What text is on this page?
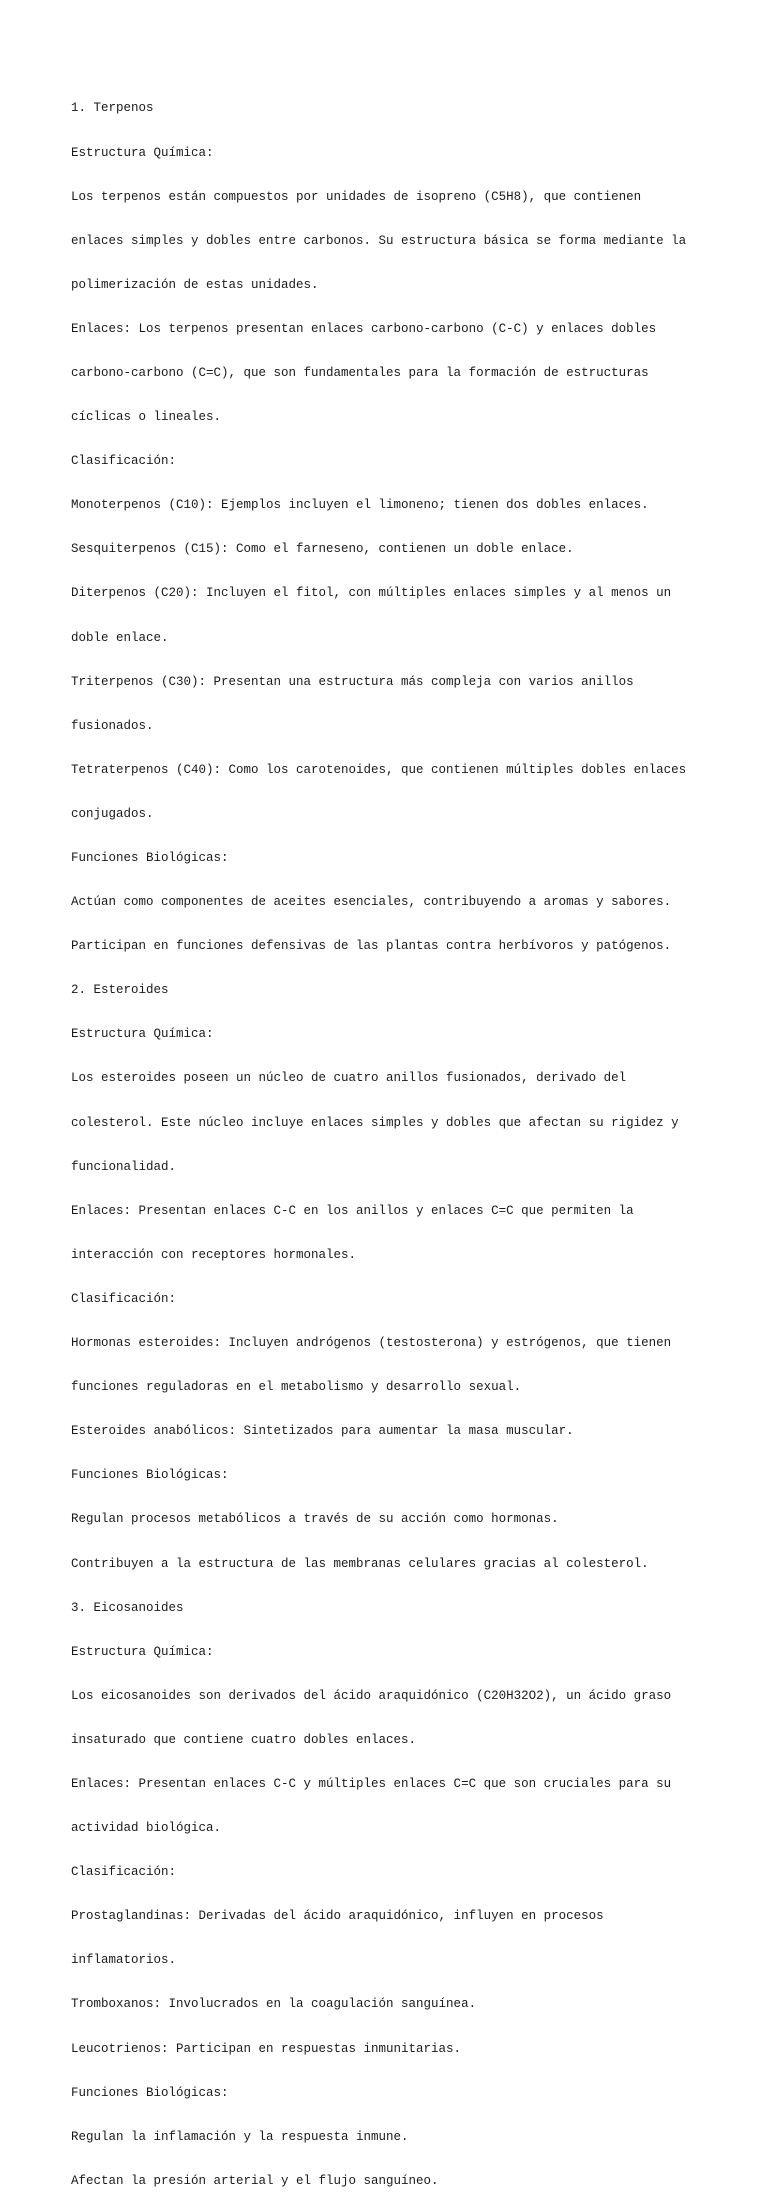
1. Terpenos

Estructura Química:

Los terpenos están compuestos por unidades de isopreno (C5H8), que contienen

enlaces simples y dobles entre carbonos. Su estructura básica se forma mediante la

polimerización de estas unidades.

Enlaces: Los terpenos presentan enlaces carbono-carbono (C-C) y enlaces dobles

carbono-carbono (C=C), que son fundamentales para la formación de estructuras

cíclicas o lineales.

Clasificación:

Monoterpenos (C10): Ejemplos incluyen el limoneno; tienen dos dobles enlaces.

Sesquiterpenos (C15): Como el farneseno, contienen un doble enlace.

Diterpenos (C20): Incluyen el fitol, con múltiples enlaces simples y al menos un

doble enlace.

Triterpenos (C30): Presentan una estructura más compleja con varios anillos

fusionados.

Tetraterpenos (C40): Como los carotenoides, que contienen múltiples dobles enlaces

conjugados.

Funciones Biológicas:

Actúan como componentes de aceites esenciales, contribuyendo a aromas y sabores.

Participan en funciones defensivas de las plantas contra herbívoros y patógenos.

2. Esteroides

Estructura Química:

Los esteroides poseen un núcleo de cuatro anillos fusionados, derivado del

colesterol. Este núcleo incluye enlaces simples y dobles que afectan su rigidez y

funcionalidad.

Enlaces: Presentan enlaces C-C en los anillos y enlaces C=C que permiten la

interacción con receptores hormonales.

Clasificación:

Hormonas esteroides: Incluyen andrógenos (testosterona) y estrógenos, que tienen

funciones reguladoras en el metabolismo y desarrollo sexual.

Esteroides anabólicos: Sintetizados para aumentar la masa muscular.

Funciones Biológicas:

Regulan procesos metabólicos a través de su acción como hormonas.

Contribuyen a la estructura de las membranas celulares gracias al colesterol.

3. Eicosanoides

Estructura Química:

Los eicosanoides son derivados del ácido araquidónico (C20H32O2), un ácido graso

insaturado que contiene cuatro dobles enlaces.

Enlaces: Presentan enlaces C-C y múltiples enlaces C=C que son cruciales para su

actividad biológica.

Clasificación:

Prostaglandinas: Derivadas del ácido araquidónico, influyen en procesos

inflamatorios.

Tromboxanos: Involucrados en la coagulación sanguínea.

Leucotrienos: Participan en respuestas inmunitarias.

Funciones Biológicas:

Regulan la inflamación y la respuesta inmune.

Afectan la presión arterial y el flujo sanguíneo.
